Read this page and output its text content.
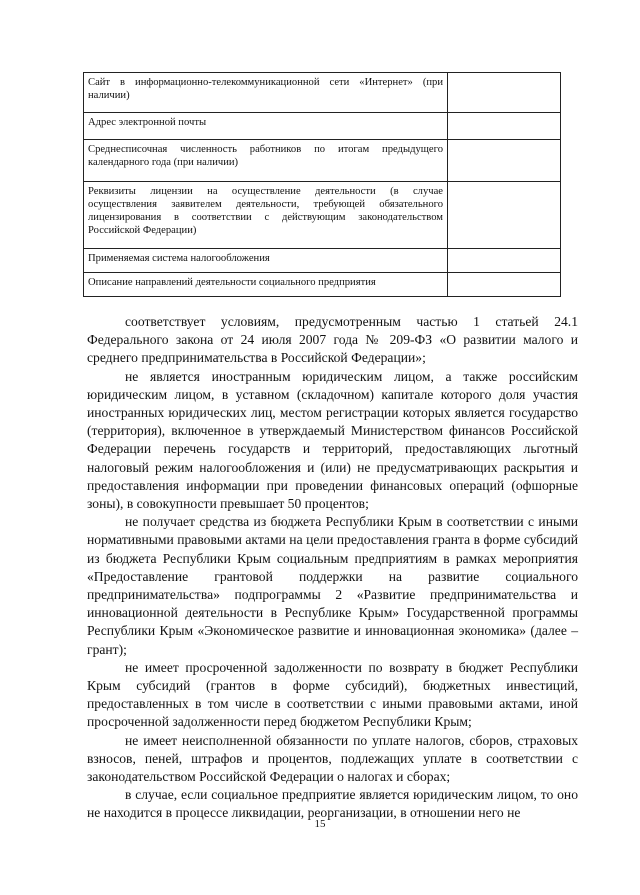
Сайт в информационно-телекоммуникационной сети «Интернет» (при наличии)	
Адрес электронной почты	
Среднесписочная численность работников по итогам предыдущего календарного года (при наличии)	
Реквизиты лицензии на осуществление деятельности (в случае осуществления заявителем деятельности, требующей обязательного лицензирования в соответствии с действующим законодательством Российской Федерации)	
Применяемая система налогообложения	
Описание направлений деятельности социального предприятия	

соответствует условиям, предусмотренным частью 1 статьей 24.1 Федерального закона от 24 июля 2007 года № 209-ФЗ «О развитии малого и среднего предпринимательства в Российской Федерации»;

не является иностранным юридическим лицом, а также российским юридическим лицом, в уставном (складочном) капитале которого доля участия иностранных юридических лиц, местом регистрации которых является государство (территория), включенное в утверждаемый Министерством финансов Российской Федерации перечень государств и территорий, предоставляющих льготный налоговый режим налогообложения и (или) не предусматривающих раскрытия и предоставления информации при проведении финансовых операций (офшорные зоны), в совокупности превышает 50 процентов;

не получает средства из бюджета Республики Крым в соответствии с иными нормативными правовыми актами на цели предоставления гранта в форме субсидий из бюджета Республики Крым социальным предприятиям в рамках мероприятия «Предоставление грантовой поддержки на развитие социального предпринимательства» подпрограммы 2 «Развитие предпринимательства и инновационной деятельности в Республике Крым» Государственной программы Республики Крым «Экономическое развитие и инновационная экономика» (далее – грант);

не имеет просроченной задолженности по возврату в бюджет Республики Крым субсидий (грантов в форме субсидий), бюджетных инвестиций, предоставленных в том числе в соответствии с иными правовыми актами, иной просроченной задолженности перед бюджетом Республики Крым;

не имеет неисполненной обязанности по уплате налогов, сборов, страховых взносов, пеней, штрафов и процентов, подлежащих уплате в соответствии с законодательством Российской Федерации о налогах и сборах;

в случае, если социальное предприятие является юридическим лицом, то оно не находится в процессе ликвидации, реорганизации, в отношении него не

15
